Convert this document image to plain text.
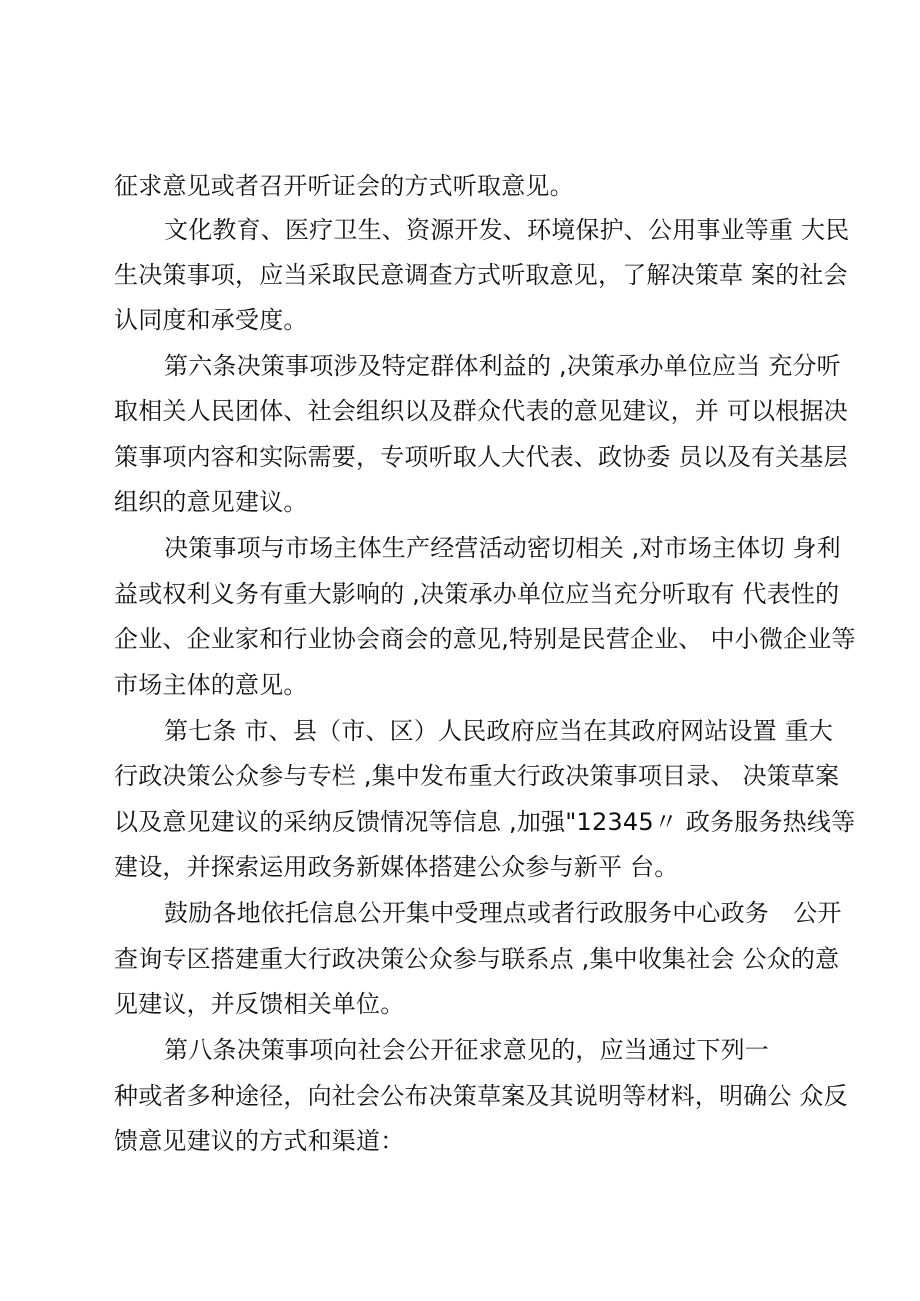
征求意见或者召开听证会的方式听取意见。
文化教育、医疗卫生、资源开发、环境保护、公用事业等重 大民
生决策事项，应当采取民意调查方式听取意见，了解决策草 案的社会
认同度和承受度。
第六条决策事项涉及特定群体利益的 ,决策承办单位应当 充分听
取相关人民团体、社会组织以及群众代表的意见建议，并 可以根据决
策事项内容和实际需要，专项听取人大代表、政协委 员以及有关基层
组织的意见建议。
决策事项与市场主体生产经营活动密切相关 ,对市场主体切 身利
益或权利义务有重大影响的 ,决策承办单位应当充分听取有 代表性的
企业、企业家和行业协会商会的意见,特别是民营企业、 中小微企业等
市场主体的意见。
第七条 市、县（市、区）人民政府应当在其政府网站设置 重大
行政决策公众参与专栏 ,集中发布重大行政决策事项目录、 决策草案
以及意见建议的采纳反馈情况等信息 ,加强"12345〃 政务服务热线等
建设，并探索运用政务新媒体搭建公众参与新平 台。
鼓励各地依托信息公开集中受理点或者行政服务中心政务　公开
查询专区搭建重大行政决策公众参与联系点 ,集中收集社会 公众的意
见建议，并反馈相关单位。
第八条决策事项向社会公开征求意见的，应当通过下列一
种或者多种途径，向社会公布决策草案及其说明等材料，明确公 众反
馈意见建议的方式和渠道：
